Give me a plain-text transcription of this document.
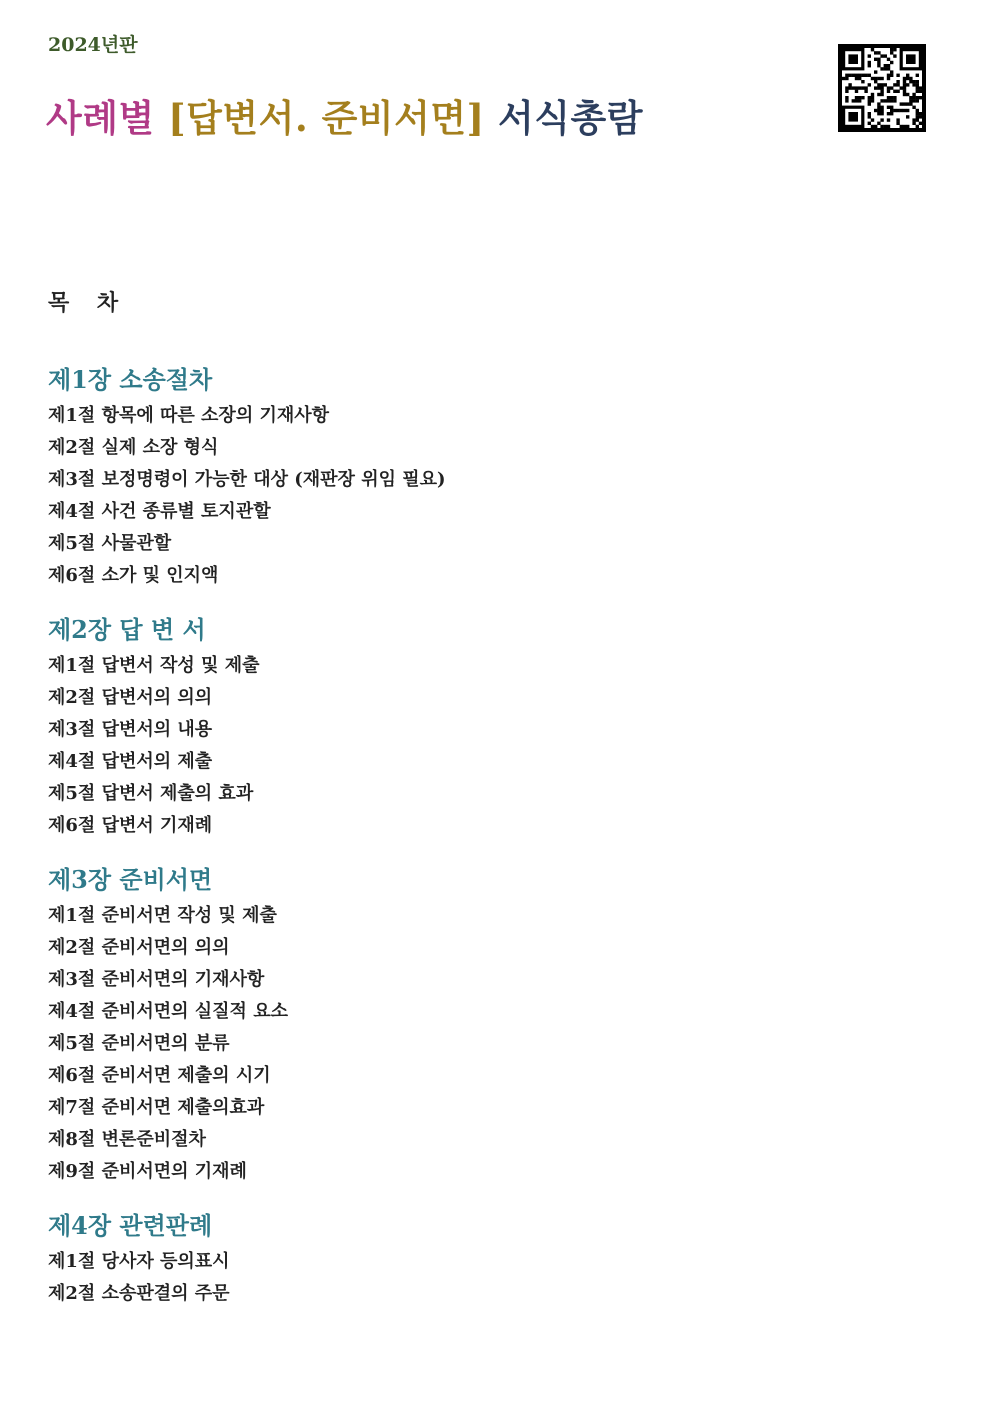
2024년판
사례별 [답변서. 준비서면] 서식총람
목 차
제1장 소송절차
제1절 항목에 따른 소장의 기재사항
제2절 실제 소장 형식
제3절 보정명령이 가능한 대상 (재판장 위임 필요)
제4절 사건 종류별 토지관할
제5절 사물관할
제6절 소가 및 인지액
제2장 답 변 서
제1절 답변서 작성 및 제출
제2절 답변서의 의의
제3절 답변서의 내용
제4절 답변서의 제출
제5절 답변서 제출의 효과
제6절 답변서 기재례
제3장 준비서면
제1절 준비서면 작성 및 제출
제2절 준비서면의 의의
제3절 준비서면의 기재사항
제4절 준비서면의 실질적 요소
제5절 준비서면의 분류
제6절 준비서면 제출의 시기
제7절 준비서면 제출의효과
제8절 변론준비절차
제9절 준비서면의 기재례
제4장 관련판례
제1절 당사자 등의표시
제2절 소송판결의 주문
